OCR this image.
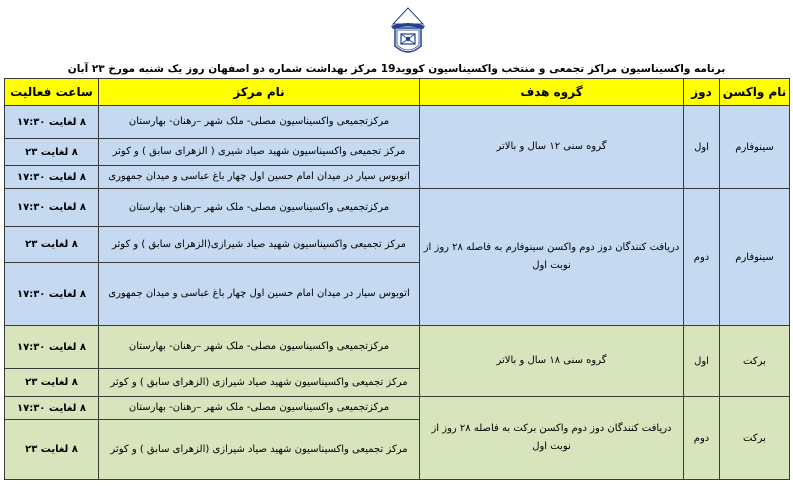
برنامه واکسیناسیون مراکز تجمعی و منتخب واکسیناسیون کووید19 مرکز بهداشت شماره دو اصفهان روز یک شنبه مورخ ۲۳ آبان
نام واکسن	دوز	گروه هدف	نام مرکز	ساعت فعالیت
سینوفارم	اول	گروه سنی ۱۲ سال و بالاتر	مرکزتجمیعی واکسیناسیون مصلی- ملک شهر –رهنان- بهارستان	۸ لغایت ۱۷:۳۰
			مرکز تجمیعی واکسیناسیون شهید صیاد شیری ( الزهرای سابق ) و کوثر	۸ لغایت ۲۳
			اتوبوس سیار در میدان امام حسین اول چهار باغ عباسی و میدان جمهوری	۸ لغایت ۱۷:۳۰
سینوفارم	دوم	دریافت کنندگان دوز دوم واکسن سینوفارم به فاصله ۲۸ روز از نوبت اول	مرکزتجمیعی واکسیناسیون مصلی- ملک شهر –رهنان- بهارستان	۸ لغایت ۱۷:۳۰
			مرکز تجمیعی واکسیناسیون شهید صیاد شیرازی(الزهرای سابق ) و کوثر	۸ لغایت ۲۳
			اتوبوس سیار در میدان امام حسین اول چهار باغ عباسی و میدان جمهوری	۸ لغایت ۱۷:۳۰
برکت	اول	گروه سنی ۱۸ سال و بالاتر	مرکزتجمیعی واکسیناسیون مصلی- ملک شهر –رهنان- بهارستان	۸ لغایت ۱۷:۳۰
			مرکز تجمیعی واکسیناسیون شهید صیاد شیرازی (الزهرای سابق ) و کوثر	۸ لغایت ۲۳
برکت	دوم	دریافت کنندگان دوز دوم واکسن برکت به فاصله ۲۸ روز از نوبت اول	مرکزتجمیعی واکسیناسیون مصلی- ملک شهر –رهنان- بهارستان	۸ لغایت ۱۷:۳۰
			مرکز تجمیعی واکسیناسیون شهید صیاد شیرازی (الزهرای سابق ) و کوثر	۸ لغایت ۲۳
